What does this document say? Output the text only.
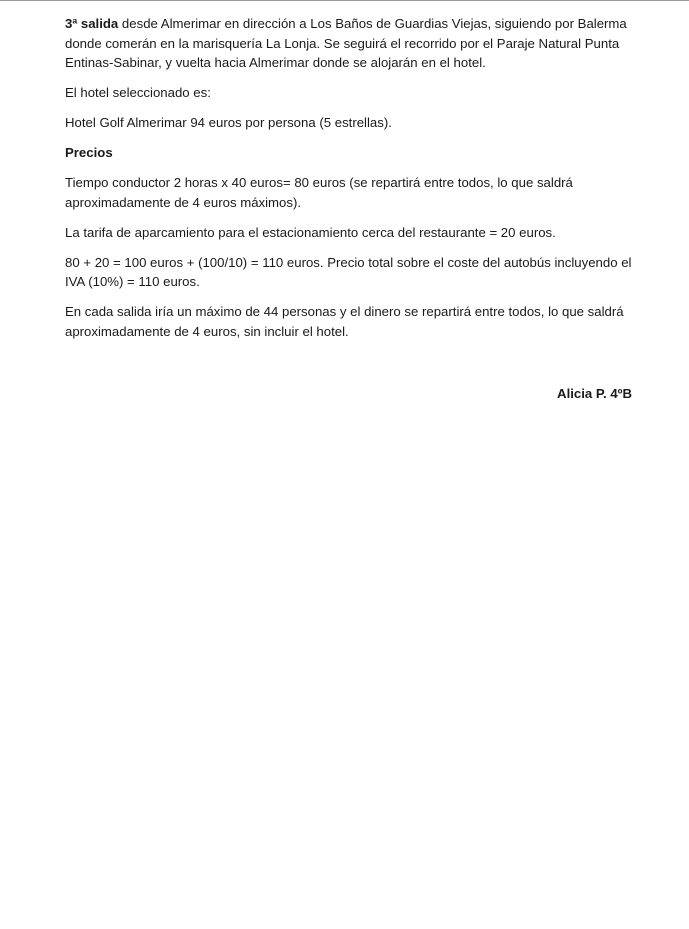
3ª salida desde Almerimar en dirección a Los Baños de Guardias Viejas, siguiendo por Balerma donde comerán en la marisquería La Lonja. Se seguirá el recorrido por el Paraje Natural Punta Entinas-Sabinar, y vuelta hacia Almerimar donde se alojarán en el hotel.

El hotel seleccionado es:

Hotel Golf Almerimar 94 euros por persona (5 estrellas).

Precios

Tiempo conductor 2 horas x 40 euros= 80 euros (se repartirá entre todos, lo que saldrá aproximadamente de 4 euros máximos).

La tarifa de aparcamiento para el estacionamiento cerca del restaurante = 20 euros.

80 + 20 = 100 euros + (100/10) = 110 euros. Precio total sobre el coste del autobús incluyendo el IVA (10%) = 110 euros.

En cada salida iría un máximo de 44 personas y el dinero se repartirá entre todos, lo que saldrá aproximadamente de 4 euros, sin incluir el hotel.

Alicia P. 4ºB
